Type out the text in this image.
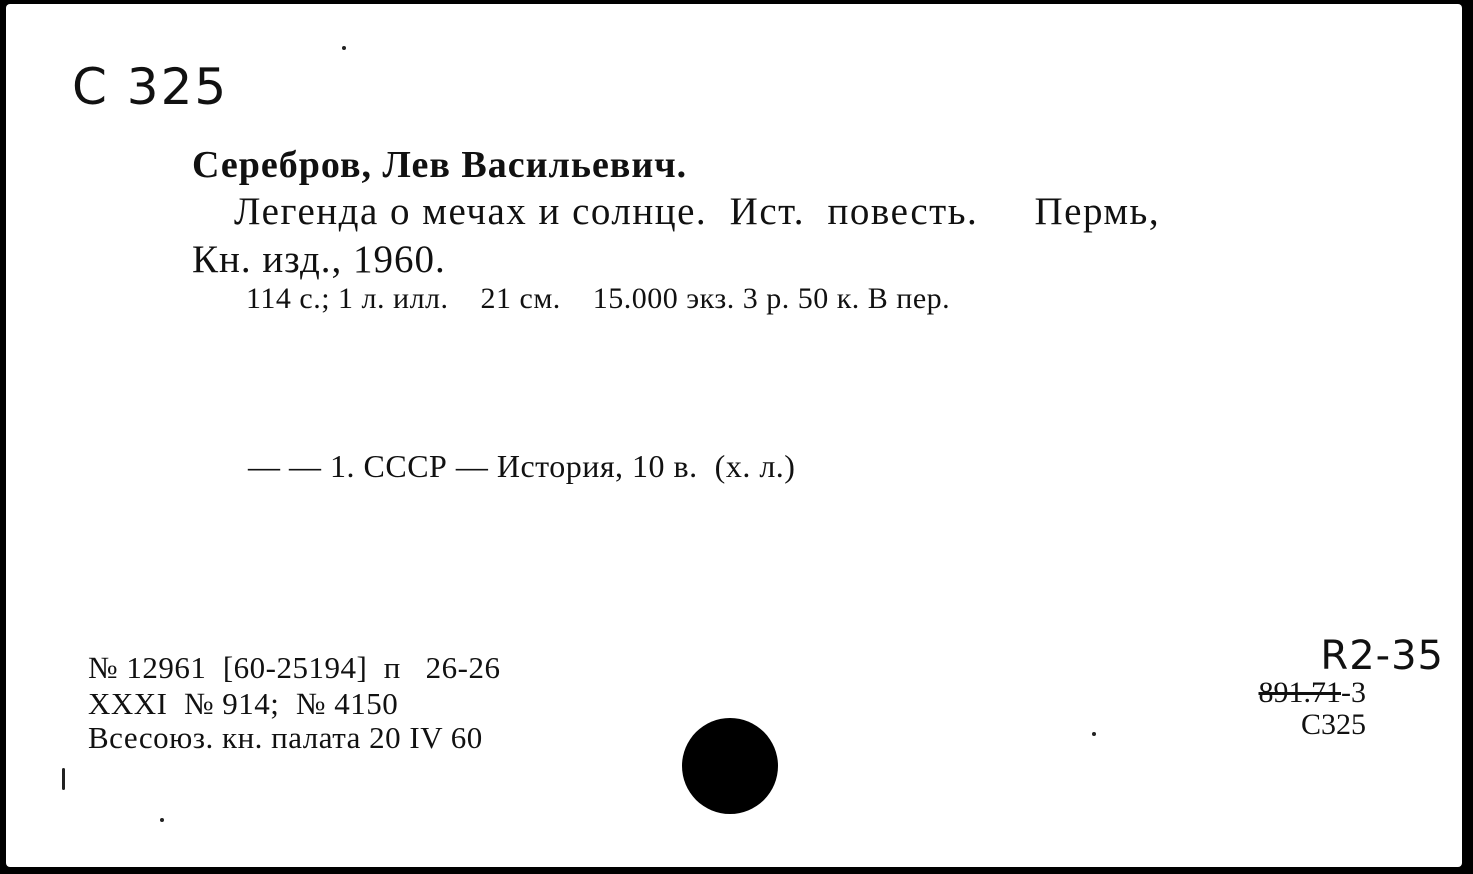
C 325
Серебров, Лев Васильевич.
Легенда о мечах и солнце.  Ист.  повесть.     Пермь,
Кн. изд., 1960.
114 с.; 1 л. илл.    21 см.    15.000 экз. 3 р. 50 к. В пер.
— — 1. СССР — История, 10 в.  (х. л.)
№ 12961  [60-25194]  п   26-26
XXXI  № 914;  № 4150
Всесоюз. кн. палата 20 IV 60
R2-35
891.71-3
С325
